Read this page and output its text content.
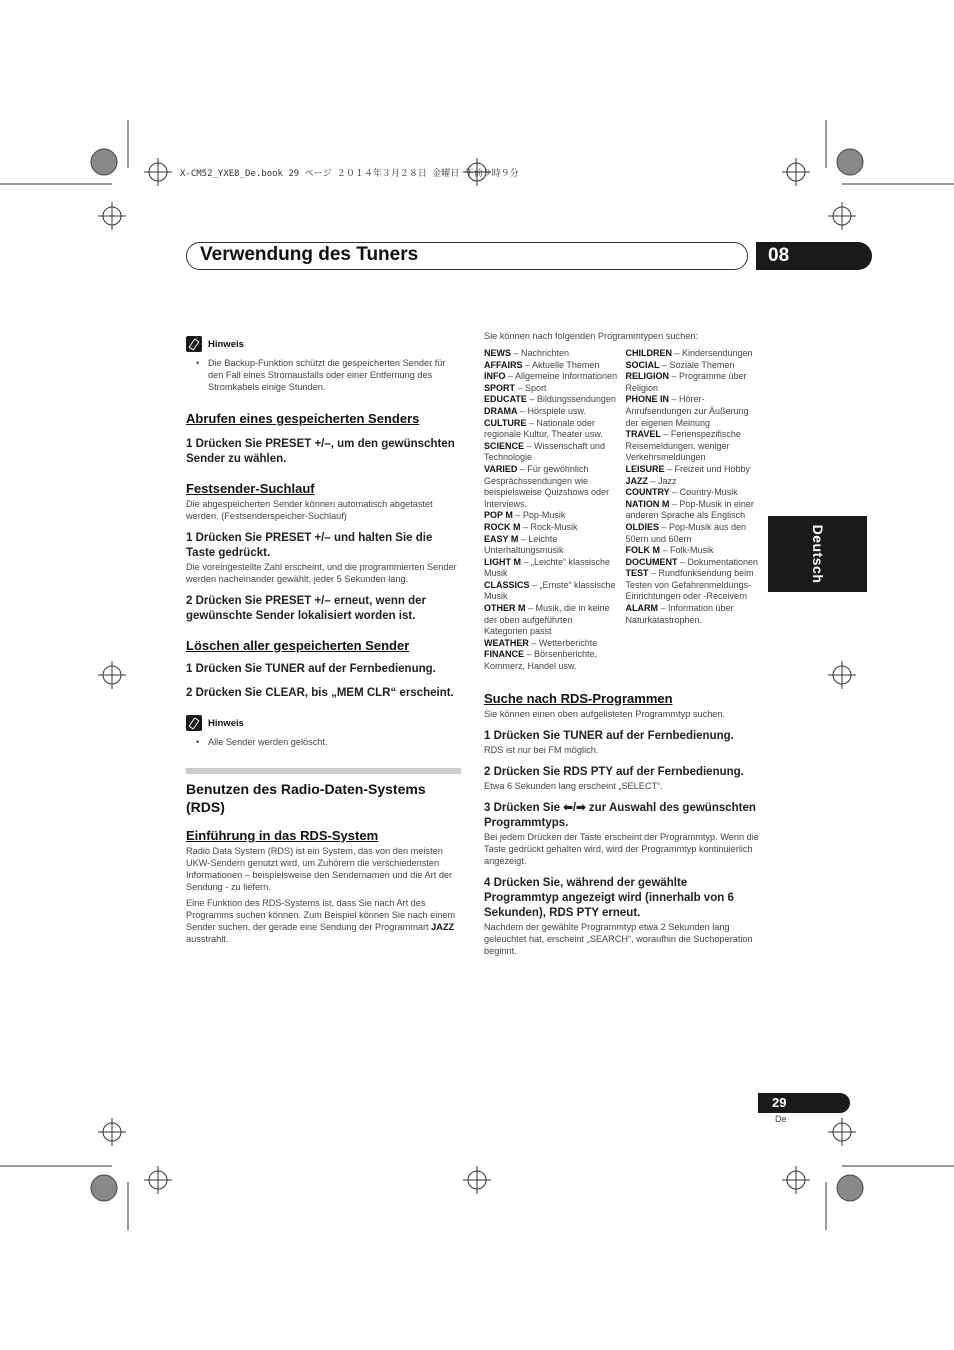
X-CM52_YXE8_De.book 29 ページ ２０１４年３月２８日 金曜日 午前９時９分
Verwendung des Tuners	08
Deutsch
Hinweis

• Die Backup-Funktion schützt die gespeicherten Sender für den Fall eines Stromausfalls oder einer Entfernung des Stromkabels einige Stunden.

Abrufen eines gespeicherten Senders

1 Drücken Sie PRESET +/–, um den gewünschten Sender zu wählen.

Festsender-Suchlauf

Die abgespeicherten Sender können automatisch abgetastet werden. (Festsenderspeicher-Suchlauf)

1 Drücken Sie PRESET +/– und halten Sie die Taste gedrückt.

Die voreingestellte Zahl erscheint, und die programmierten Sender werden nacheinander gewählt, jeder 5 Sekunden lang.

2 Drücken Sie PRESET +/– erneut, wenn der gewünschte Sender lokalisiert worden ist.

Löschen aller gespeicherten Sender

1 Drücken Sie TUNER auf der Fernbedienung.

2 Drücken Sie CLEAR, bis „MEM CLR“ erscheint.

Hinweis

• Alle Sender werden gelöscht.

Benutzen des Radio-Daten-Systems (RDS)
Einführung in das RDS-System

Radio Data System (RDS) ist ein System, das von den meisten UKW-Sendern genutzt wird, um Zuhörern die verschiedensten Informationen – beispielsweise den Sendernamen und die Art der Sendung - zu liefern.

Eine Funktion des RDS-Systems ist, dass Sie nach Art des Programms suchen können. Zum Beispiel können Sie nach einem Sender suchen, der gerade eine Sendung der Programmart JAZZ ausstrahlt.

Sie können nach folgenden Programmtypen suchen:

NEWS – Nachrichten

AFFAIRS – Aktuelle Themen

INFO – Allgemeine Informationen

SPORT – Sport

EDUCATE – Bildungssendungen

DRAMA – Hörspiele usw.

CULTURE – Nationale oder regionale Kultur, Theater usw.

SCIENCE – Wissenschaft und Technologie

VARIED – Für gewöhnlich Gesprächssendungen wie beispielsweise Quizshows oder Interviews.

POP M – Pop-Musik

ROCK M – Rock-Musik

EASY M – Leichte Unterhaltungsmusik

LIGHT M – „Leichte“ klassische Musik

CLASSICS – „Ernste“ klassische Musik

OTHER M – Musik, die in keine der oben aufgeführten Kategorien passt

WEATHER – Wetterberichte

FINANCE – Börsenberichte, Kommerz, Handel usw.

CHILDREN – Kindersendungen

SOCIAL – Soziale Themen

RELIGION – Programme über Religion

PHONE IN – Hörer-Anrufsendungen zur Äußerung der eigenen Meinung

TRAVEL – Ferienspezifische Reisemeldungen, weniger Verkehrsmeldungen

LEISURE – Freizeit und Hobby

JAZZ – Jazz

COUNTRY – Country-Musik

NATION M – Pop-Musik in einer anderen Sprache als Englisch

OLDIES – Pop-Musik aus den 50ern und 60ern

FOLK M – Folk-Musik

DOCUMENT – Dokumentationen

TEST – Rundfunksendung beim Testen von Gefahrenmeldungs-Einrichtungen oder -Receivern

ALARM – Information über Naturkatastrophen.

Suche nach RDS-Programmen

Sie können einen oben aufgelisteten Programmtyp suchen.

1 Drücken Sie TUNER auf der Fernbedienung.

RDS ist nur bei FM möglich.

2 Drücken Sie RDS PTY auf der Fernbedienung.

Etwa 6 Sekunden lang erscheint „SELECT“.

3 Drücken Sie ⬅/➡ zur Auswahl des gewünschten Programmtyps.

Bei jedem Drücken der Taste erscheint der Programmtyp. Wenn die Taste gedrückt gehalten wird, wird der Programmtyp kontinuierlich angezeigt.

4 Drücken Sie, während der gewählte Programmtyp angezeigt wird (innerhalb von 6 Sekunden), RDS PTY erneut.

Nachdem der gewählte Programmtyp etwa 2 Sekunden lang geleuchtet hat, erscheint „SEARCH“, woraufhin die Suchoperation beginnt.

29
De
